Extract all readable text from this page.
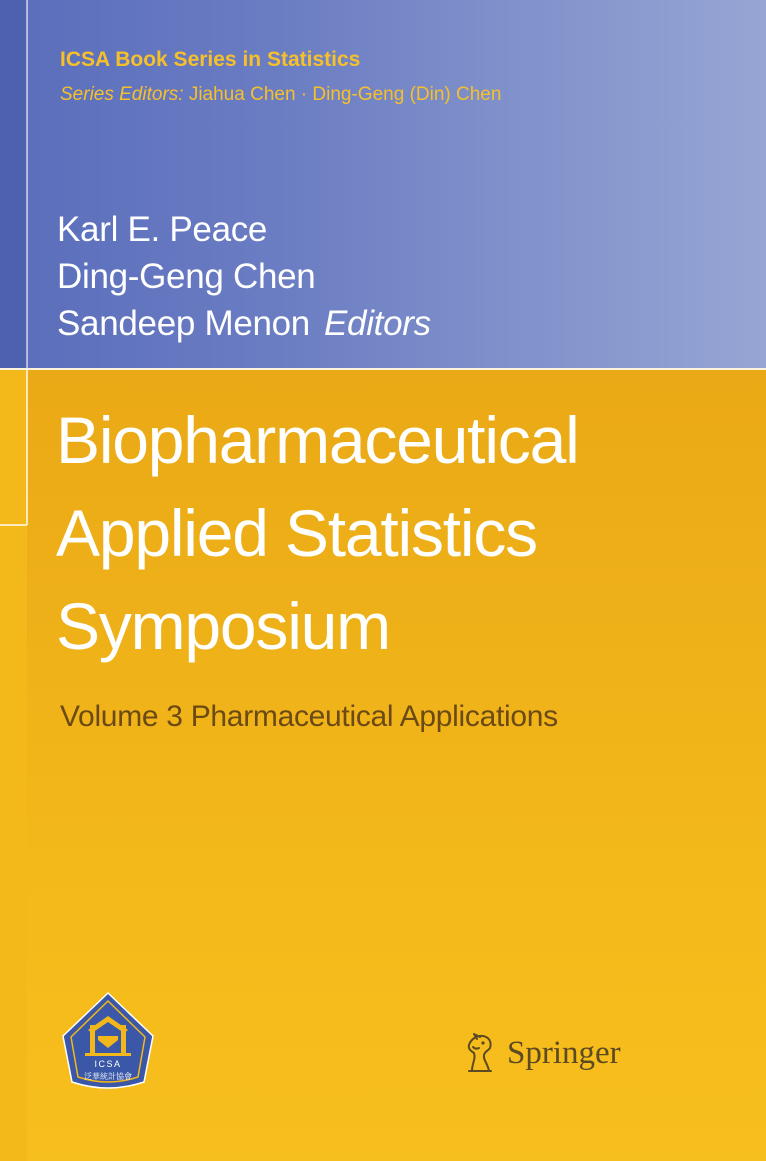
ICSA Book Series in Statistics

Series Editors: Jiahua Chen · Ding-Geng (Din) Chen

Karl E. Peace

Ding-Geng Chen

Sandeep Menon Editors

Biopharmaceutical
Applied Statistics
Symposium

Volume 3 Pharmaceutical Applications

ICSA
泛華統計協會
Springer
